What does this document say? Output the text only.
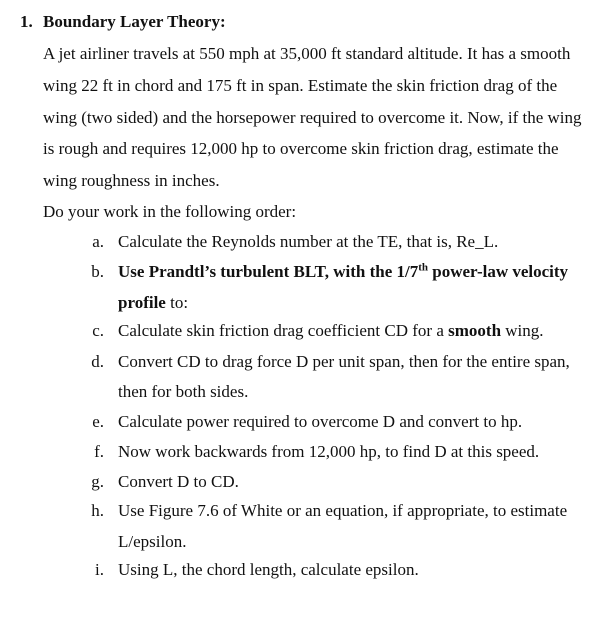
1. Boundary Layer Theory:
A jet airliner travels at 550 mph at 35,000 ft standard altitude. It has a smooth
wing 22 ft in chord and 175 ft in span. Estimate the skin friction drag of the
wing (two sided) and the horsepower required to overcome it. Now, if the wing
is rough and requires 12,000 hp to overcome skin friction drag, estimate the
wing roughness in inches.
Do your work in the following order:
a. Calculate the Reynolds number at the TE, that is, Re_L.
b. Use Prandtl’s turbulent BLT, with the 1/7th power-law velocity
profile to:
c. Calculate skin friction drag coefficient CD for a smooth wing.
d. Convert CD to drag force D per unit span, then for the entire span,
then for both sides.
e. Calculate power required to overcome D and convert to hp.
f. Now work backwards from 12,000 hp, to find D at this speed.
g. Convert D to CD.
h. Use Figure 7.6 of White or an equation, if appropriate, to estimate
L/epsilon.
i. Using L, the chord length, calculate epsilon.
